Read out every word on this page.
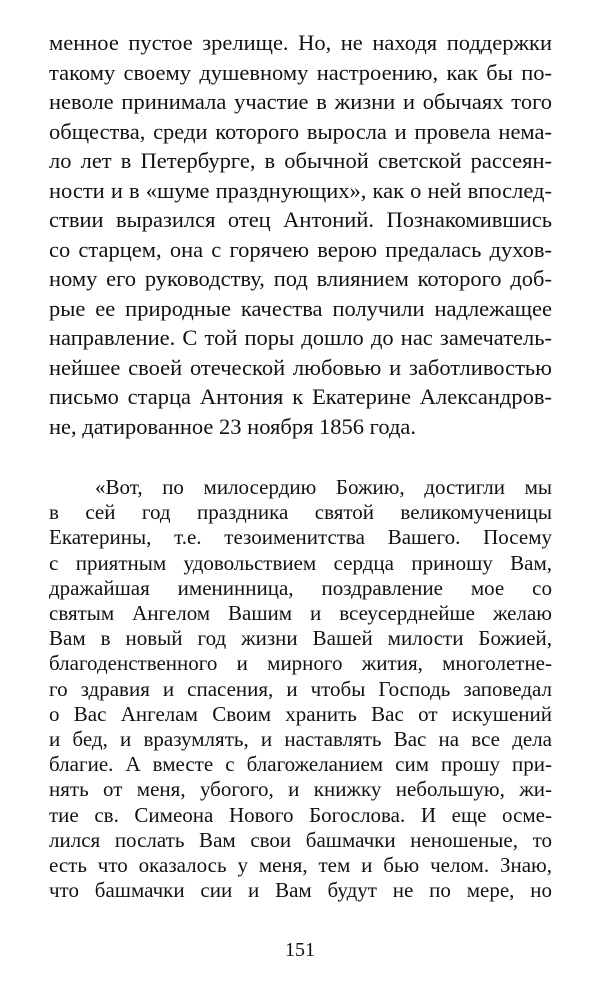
менное пустое зрелище. Но, не находя поддержки
такому своему душевному настроению, как бы по-
неволе принимала участие в жизни и обычаях того
общества, среди которого выросла и провела нема-
ло лет в Петербурге, в обычной светской рассеян-
ности и в «шуме празднующих», как о ней впослед-
ствии выразился отец Антоний. Познакомившись
со старцем, она с горячею верою предалась духов-
ному его руководству, под влиянием которого доб-
рые ее природные качества получили надлежащее
направление. С той поры дошло до нас замечатель-
нейшее своей отеческой любовью и заботливостью
письмо старца Антония к Екатерине Александров-
не, датированное 23 ноября 1856 года.
«Вот, по милосердию Божию, достигли мы
в сей год праздника святой великомученицы
Екатерины, т.е. тезоименитства Вашего. Посему
с приятным удовольствием сердца приношу Вам,
дражайшая именинница, поздравление мое со
святым Ангелом Вашим и всеусерднейше желаю
Вам в новый год жизни Вашей милости Божией,
благоденственного и мирного жития, многолетне-
го здравия и спасения, и чтобы Господь заповедал
о Вас Ангелам Своим хранить Вас от искушений
и бед, и вразумлять, и наставлять Вас на все дела
благие. А вместе с благожеланием сим прошу при-
нять от меня, убогого, и книжку небольшую, жи-
тие св. Симеона Нового Богослова. И еще осме-
лился послать Вам свои башмачки неношеные, то
есть что оказалось у меня, тем и бью челом. Знаю,
что башмачки сии и Вам будут не по мере, но
151
